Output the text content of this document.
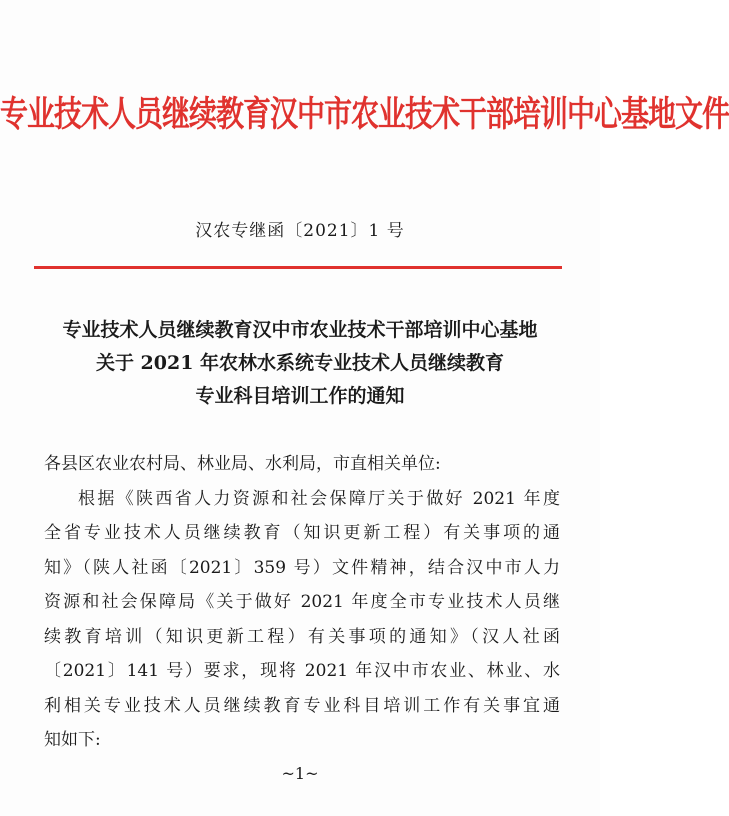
专业技术人员继续教育汉中市农业技术干部培训中心基地文件
汉农专继函〔2021〕1 号
专业技术人员继续教育汉中市农业技术干部培训中心基地
关于 2021 年农林水系统专业技术人员继续教育
专业科目培训工作的通知
各县区农业农村局、林业局、水利局，市直相关单位:
根据《陕西省人力资源和社会保障厅关于做好 2021 年度
全省专业技术人员继续教育（知识更新工程）有关事项的通
知》（陕人社函〔2021〕359 号）文件精神，结合汉中市人力
资源和社会保障局《关于做好 2021 年度全市专业技术人员继
续教育培训（知识更新工程）有关事项的通知》（汉人社函
〔2021〕141 号）要求，现将 2021 年汉中市农业、林业、水
利相关专业技术人员继续教育专业科目培训工作有关事宜通
知如下:
~1~
